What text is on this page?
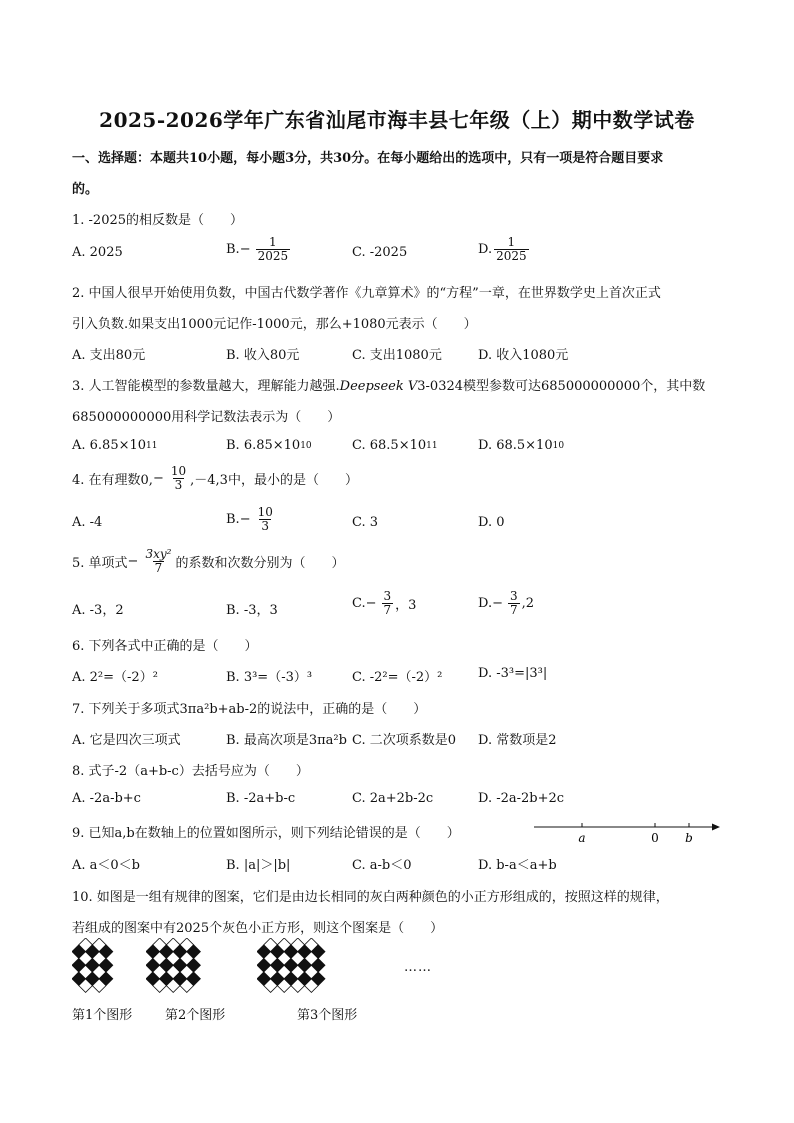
2025-2026学年广东省汕尾市海丰县七年级（上）期中数学试卷
一、选择题：本题共10小题，每小题3分，共30分。在每小题给出的选项中，只有一项是符合题目要求
的。
1. -2025的相反数是（　　）
A. 2025	B. − $\frac{1}{2025}$	C. -2025	D. $\frac{1}{2025}$
2. 中国人很早开始使用负数，中国古代数学著作《九章算术》的“方程”一章，在世界数学史上首次正式
引入负数.如果支出1000元记作-1000元，那么+1080元表示（　　）
A. 支出80元	B. 收入80元	C. 支出1080元	D. 收入1080元
3. 人工智能模型的参数量越大，理解能力越强.Deepseek V3-0324模型参数可达685000000000个，其中数
685000000000用科学记数法表示为（　　）
A. 6.85×10 11	B. 6.85×10 10	C. 68.5×10 11	D. 68.5×10 10
4. 在有理数0, − $\frac{10}{3} ,-4,3$中，最小的是（　　）
A. -4	B. − $\frac{10}{3}$	C. 3	D. 0
5. 单项式 − $\frac{\text{3xy²}}{7}$ 的系数和次数分别为（　　）
A. -3，2	B. -3，3	C. − $\frac{3}{7}$ ，3	D. − $\frac{3}{7} ,2$
6. 下列各式中正确的是（　　）
A. 2²=（-2）²	B. 3³=（-3）³	C. -2²=（-2）²	D. -3³=|3³|
7. 下列关于多项式3πa²b+ab-2的说法中，正确的是（　　）
A. 它是四次三项式	B. 最高次项是3πa²b C. 二次项系数是0 D. 常数项是2
8. 式子-2（a+b-c）去括号应为（　　）
A. -2a-b+c	B. -2a+b-c	C. 2a+2b-2c	D. -2a-2b+2c
9. 已知a,b在数轴上的位置如图所示，则下列结论错误的是（　　）	a	0 b
A. a＜0＜b	B. |a|＞|b|	C. a-b＜0	D. b-a＜a+b
10. 如图是一组有规律的图案，它们是由边长相同的灰白两种颜色的小正方形组成的，按照这样的规律，
若组成的图案中有2025个灰色小正方形，则这个图案是（　　）
……
第1个图形	第2个图形	第3个图形
